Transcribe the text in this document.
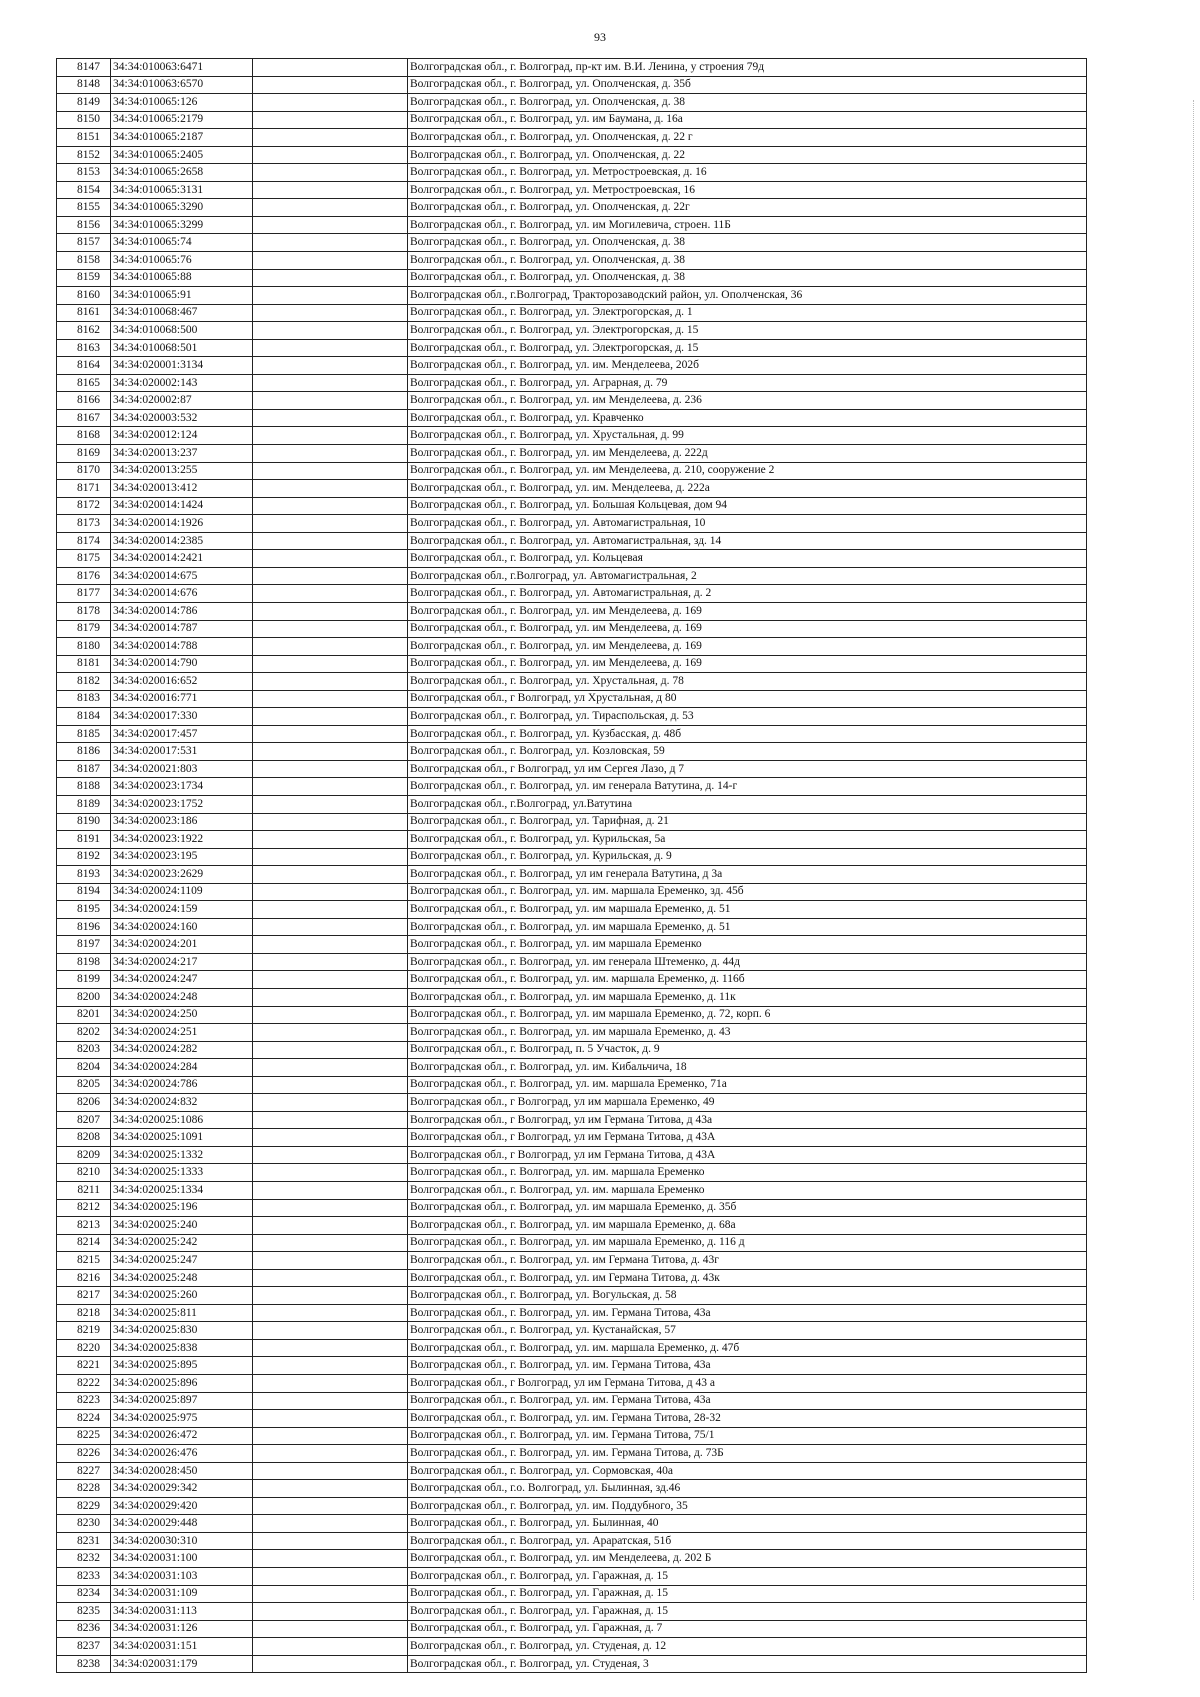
93
8147	34:34:010063:6471		Волгоградская обл., г. Волгоград, пр-кт им. В.И. Ленина, у строения 79д
8148	34:34:010063:6570		Волгоградская обл., г. Волгоград, ул. Ополченская, д. 35б
8149	34:34:010065:126		Волгоградская обл., г. Волгоград, ул. Ополченская, д. 38
8150	34:34:010065:2179		Волгоградская обл., г. Волгоград, ул. им Баумана, д. 16а
8151	34:34:010065:2187		Волгоградская обл., г. Волгоград, ул. Ополченская, д. 22 г
8152	34:34:010065:2405		Волгоградская обл., г. Волгоград, ул. Ополченская, д. 22
8153	34:34:010065:2658		Волгоградская обл., г. Волгоград, ул. Метростроевская, д. 16
8154	34:34:010065:3131		Волгоградская обл., г. Волгоград, ул. Метростроевская, 16
8155	34:34:010065:3290		Волгоградская обл., г. Волгоград, ул. Ополченская, д. 22г
8156	34:34:010065:3299		Волгоградская обл., г. Волгоград, ул. им Могилевича, строен. 11Б
8157	34:34:010065:74		Волгоградская обл., г. Волгоград, ул. Ополченская, д. 38
8158	34:34:010065:76		Волгоградская обл., г. Волгоград, ул. Ополченская, д. 38
8159	34:34:010065:88		Волгоградская обл., г. Волгоград, ул. Ополченская, д. 38
8160	34:34:010065:91		Волгоградская обл., г.Волгоград, Тракторозаводский район, ул. Ополченская, 36
8161	34:34:010068:467		Волгоградская обл., г. Волгоград, ул. Электрогорская, д. 1
8162	34:34:010068:500		Волгоградская обл., г. Волгоград, ул. Электрогорская, д. 15
8163	34:34:010068:501		Волгоградская обл., г. Волгоград, ул. Электрогорская, д. 15
8164	34:34:020001:3134		Волгоградская обл., г. Волгоград, ул. им. Менделеева, 202б
8165	34:34:020002:143		Волгоградская обл., г. Волгоград, ул. Аграрная, д. 79
8166	34:34:020002:87		Волгоградская обл., г. Волгоград, ул. им Менделеева, д. 236
8167	34:34:020003:532		Волгоградская обл., г. Волгоград, ул. Кравченко
8168	34:34:020012:124		Волгоградская обл., г. Волгоград, ул. Хрустальная, д. 99
8169	34:34:020013:237		Волгоградская обл., г. Волгоград, ул. им Менделеева, д. 222д
8170	34:34:020013:255		Волгоградская обл., г. Волгоград, ул. им Менделеева, д. 210, сооружение 2
8171	34:34:020013:412		Волгоградская обл., г. Волгоград, ул. им. Менделеева, д. 222а
8172	34:34:020014:1424		Волгоградская обл., г. Волгоград, ул. Большая Кольцевая, дом 94
8173	34:34:020014:1926		Волгоградская обл., г. Волгоград, ул. Автомагистральная, 10
8174	34:34:020014:2385		Волгоградская обл., г. Волгоград, ул. Автомагистральная, зд. 14
8175	34:34:020014:2421		Волгоградская обл., г. Волгоград, ул. Кольцевая
8176	34:34:020014:675		Волгоградская обл., г.Волгоград, ул. Автомагистральная, 2
8177	34:34:020014:676		Волгоградская обл., г. Волгоград, ул. Автомагистральная, д. 2
8178	34:34:020014:786		Волгоградская обл., г. Волгоград, ул. им Менделеева, д. 169
8179	34:34:020014:787		Волгоградская обл., г. Волгоград, ул. им Менделеева, д. 169
8180	34:34:020014:788		Волгоградская обл., г. Волгоград, ул. им Менделеева, д. 169
8181	34:34:020014:790		Волгоградская обл., г. Волгоград, ул. им Менделеева, д. 169
8182	34:34:020016:652		Волгоградская обл., г. Волгоград, ул. Хрустальная, д. 78
8183	34:34:020016:771		Волгоградская обл., г Волгоград, ул Хрустальная, д 80
8184	34:34:020017:330		Волгоградская обл., г. Волгоград, ул. Тираспольская, д. 53
8185	34:34:020017:457		Волгоградская обл., г. Волгоград, ул. Кузбасская, д. 48б
8186	34:34:020017:531		Волгоградская обл., г. Волгоград, ул. Козловская, 59
8187	34:34:020021:803		Волгоградская обл., г Волгоград, ул им Сергея Лазо, д 7
8188	34:34:020023:1734		Волгоградская обл., г. Волгоград, ул. им генерала Ватутина, д. 14-г
8189	34:34:020023:1752		Волгоградская обл., г.Волгоград, ул.Ватутина
8190	34:34:020023:186		Волгоградская обл., г. Волгоград, ул. Тарифная, д. 21
8191	34:34:020023:1922		Волгоградская обл., г. Волгоград, ул. Курильская, 5а
8192	34:34:020023:195		Волгоградская обл., г. Волгоград, ул. Курильская, д. 9
8193	34:34:020023:2629		Волгоградская обл., г. Волгоград, ул им генерала Ватутина, д 3а
8194	34:34:020024:1109		Волгоградская обл., г. Волгоград, ул. им. маршала Еременко, зд. 45б
8195	34:34:020024:159		Волгоградская обл., г. Волгоград, ул. им маршала Еременко, д. 51
8196	34:34:020024:160		Волгоградская обл., г. Волгоград, ул. им маршала Еременко, д. 51
8197	34:34:020024:201		Волгоградская обл., г. Волгоград, ул. им маршала Еременко
8198	34:34:020024:217		Волгоградская обл., г. Волгоград, ул. им генерала Штеменко, д. 44д
8199	34:34:020024:247		Волгоградская обл., г. Волгоград, ул. им. маршала Еременко, д. 116б
8200	34:34:020024:248		Волгоградская обл., г. Волгоград, ул. им маршала Еременко, д. 11к
8201	34:34:020024:250		Волгоградская обл., г. Волгоград, ул. им маршала Еременко, д. 72, корп. 6
8202	34:34:020024:251		Волгоградская обл., г. Волгоград, ул. им маршала Еременко, д. 43
8203	34:34:020024:282		Волгоградская обл., г. Волгоград, п. 5 Участок, д. 9
8204	34:34:020024:284		Волгоградская обл., г. Волгоград, ул. им. Кибальчича, 18
8205	34:34:020024:786		Волгоградская обл., г. Волгоград, ул. им. маршала Еременко, 71а
8206	34:34:020024:832		Волгоградская обл., г Волгоград, ул им маршала Еременко, 49
8207	34:34:020025:1086		Волгоградская обл., г Волгоград, ул им Германа Титова, д 43а
8208	34:34:020025:1091		Волгоградская обл., г Волгоград, ул им Германа Титова, д 43А
8209	34:34:020025:1332		Волгоградская обл., г Волгоград, ул им Германа Титова, д 43А
8210	34:34:020025:1333		Волгоградская обл., г. Волгоград, ул. им. маршала Еременко
8211	34:34:020025:1334		Волгоградская обл., г. Волгоград, ул. им. маршала Еременко
8212	34:34:020025:196		Волгоградская обл., г. Волгоград, ул. им маршала Еременко, д. 35б
8213	34:34:020025:240		Волгоградская обл., г. Волгоград, ул. им маршала Еременко, д. 68а
8214	34:34:020025:242		Волгоградская обл., г. Волгоград, ул. им маршала Еременко, д. 116 д
8215	34:34:020025:247		Волгоградская обл., г. Волгоград, ул. им Германа Титова, д. 43г
8216	34:34:020025:248		Волгоградская обл., г. Волгоград, ул. им Германа Титова, д. 43к
8217	34:34:020025:260		Волгоградская обл., г. Волгоград, ул. Вогульская, д. 58
8218	34:34:020025:811		Волгоградская обл., г. Волгоград, ул. им. Германа Титова, 43а
8219	34:34:020025:830		Волгоградская обл., г. Волгоград, ул. Кустанайская, 57
8220	34:34:020025:838		Волгоградская обл., г. Волгоград, ул. им. маршала Еременко, д. 47б
8221	34:34:020025:895		Волгоградская обл., г. Волгоград, ул. им. Германа Титова, 43а
8222	34:34:020025:896		Волгоградская обл., г Волгоград, ул им Германа Титова, д 43 а
8223	34:34:020025:897		Волгоградская обл., г. Волгоград, ул. им. Германа Титова, 43а
8224	34:34:020025:975		Волгоградская обл., г. Волгоград, ул. им. Германа Титова, 28-32
8225	34:34:020026:472		Волгоградская обл., г. Волгоград, ул. им. Германа Титова, 75/1
8226	34:34:020026:476		Волгоградская обл., г. Волгоград, ул. им. Германа Титова, д. 73Б
8227	34:34:020028:450		Волгоградская обл., г. Волгоград, ул. Сормовская, 40а
8228	34:34:020029:342		Волгоградская обл., г.о. Волгоград, ул. Былинная, зд.46
8229	34:34:020029:420		Волгоградская обл., г. Волгоград, ул. им. Поддубного, 35
8230	34:34:020029:448		Волгоградская обл., г. Волгоград, ул. Былинная, 40
8231	34:34:020030:310		Волгоградская обл., г. Волгоград, ул. Араратская, 51б
8232	34:34:020031:100		Волгоградская обл., г. Волгоград, ул. им Менделеева, д. 202 Б
8233	34:34:020031:103		Волгоградская обл., г. Волгоград, ул. Гаражная, д. 15
8234	34:34:020031:109		Волгоградская обл., г. Волгоград, ул. Гаражная, д. 15
8235	34:34:020031:113		Волгоградская обл., г. Волгоград, ул. Гаражная, д. 15
8236	34:34:020031:126		Волгоградская обл., г. Волгоград, ул. Гаражная, д. 7
8237	34:34:020031:151		Волгоградская обл., г. Волгоград, ул. Студеная, д. 12
8238	34:34:020031:179		Волгоградская обл., г. Волгоград, ул. Студеная, 3
